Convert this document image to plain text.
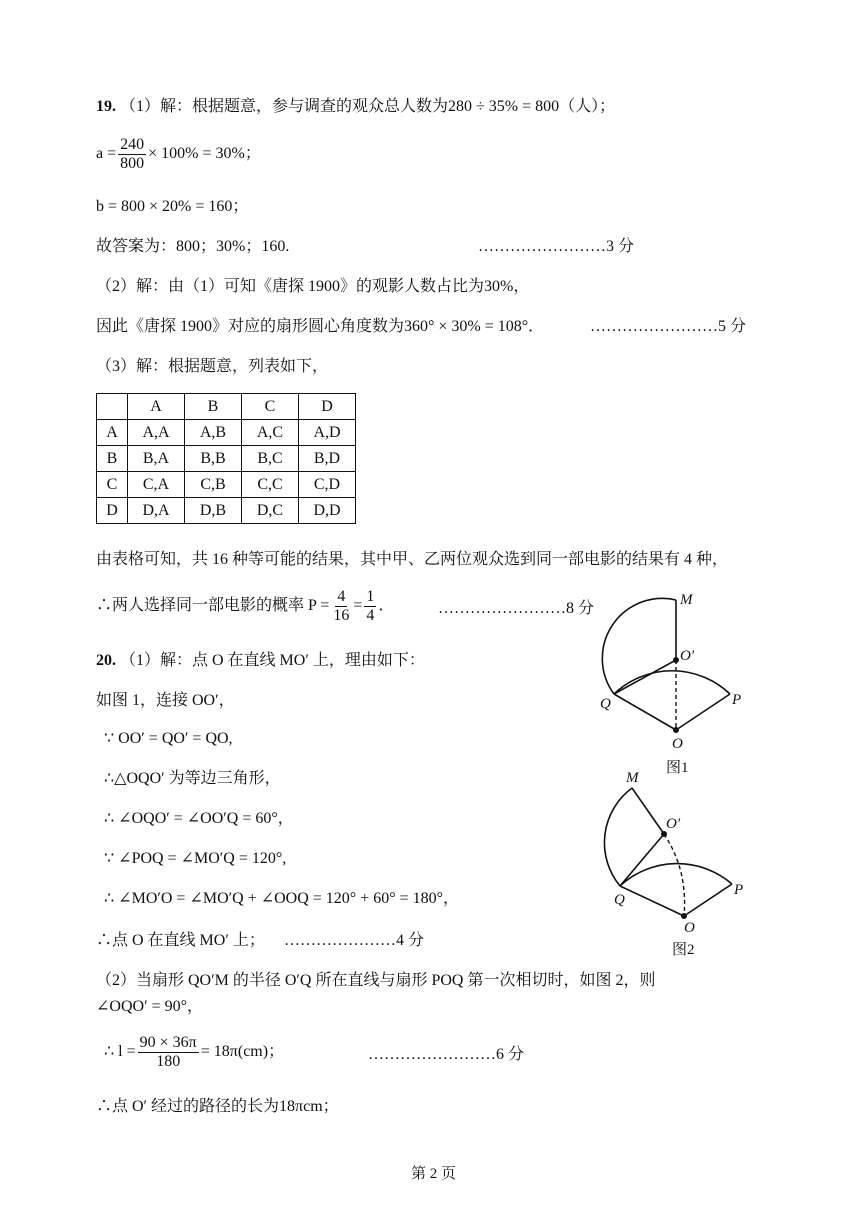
19. （1）解：根据题意，参与调查的观众总人数为280 ÷ 35% = 800（人）；
$a = \frac{240}{800} \times 100\% = 30\%$；
b = 800 × 20% = 160；
故答案为：800；30%；160.	……………………3 分
（2）解：由（1）可知《唐探 1900》的观影人数占比为30%，
因此《唐探 1900》对应的扇形圆心角度数为360° × 30% = 108°．	……………………5 分
（3）解：根据题意，列表如下，
	A	B	C	D
A	A,A	A,B	A,C	A,D
B	B,A	B,B	B,C	B,D
C	C,A	C,B	C,C	C,D
D	D,A	D,B	D,C	D,D
由表格可知，共 16 种等可能的结果，其中甲、乙两位观众选到同一部电影的结果有 4 种，
∴两人选择同一部电影的概率 $P = \frac{4}{16} = \frac{1}{4}$ ．	……………………8 分
20. （1）解：点 O 在直线 MO′ 上，理由如下：
如图 1，连接 OO′，
∵ OO′ = QO′ = QO,
∴△OQO′ 为等边三角形，
∴ ∠OQO′ = ∠OO′Q = 60°，
∵ ∠POQ = ∠MO′Q = 120°,
∴ ∠MO′O = ∠MO′Q + ∠OOQ = 120° + 60° = 180°，
∴点 O 在直线 MO′ 上； …………………4 分
（2）当扇形 QO′M 的半径 O′Q 所在直线与扇形 POQ 第一次相切时，如图 2，则
∠OQO′ = 90°，
∴ $l = \frac{90 \times 36\pi}{180} = 18\pi(cm)$；	……………………6 分
∴点 O′ 经过的路径的长为18πcm；
M
O′
Q	P
O
图1
M
O′
Q
P
O
图2
第 2 页
